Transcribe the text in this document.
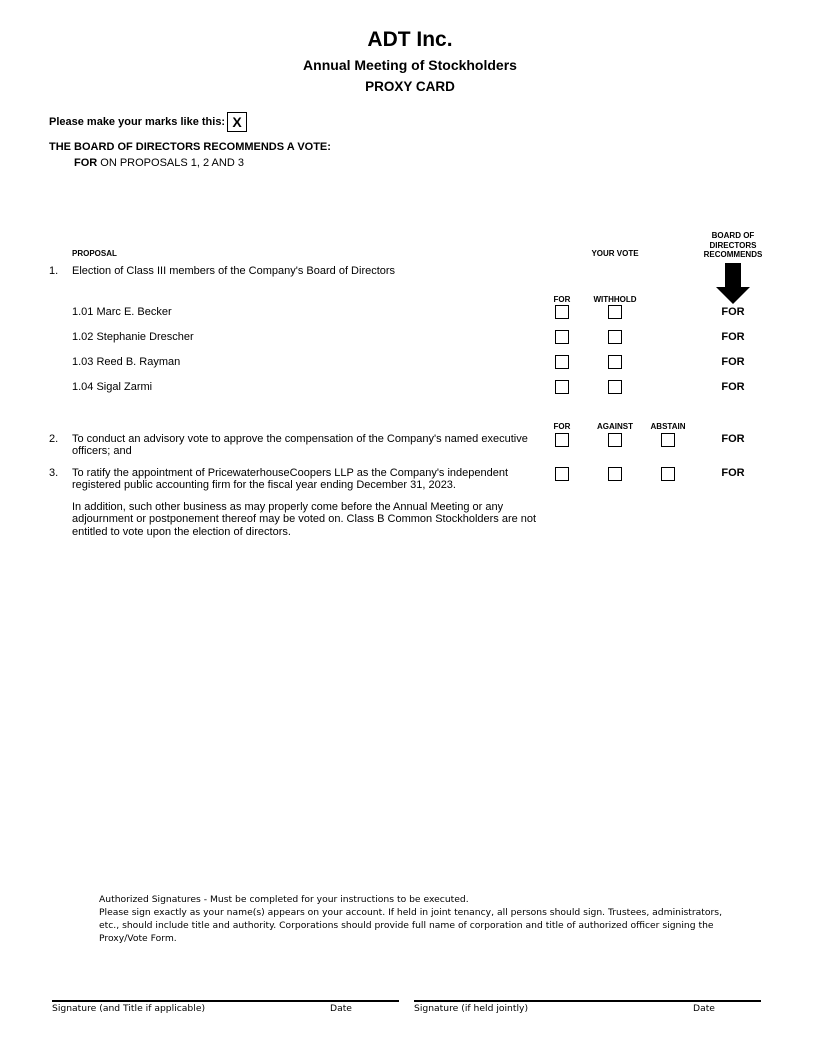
ADT Inc.
Annual Meeting of Stockholders
PROXY CARD
Please make your marks like this: X
THE BOARD OF DIRECTORS RECOMMENDS A VOTE:
FOR ON PROPOSALS 1, 2 AND 3
PROPOSAL	YOUR VOTE
BOARD OF
DIRECTORS
RECOMMENDS
1. Election of Class III members of the Company's Board of Directors
FOR	WITHHOLD
1.01 Marc E. Becker	FOR
1.02 Stephanie Drescher	FOR
1.03 Reed B. Rayman	FOR
1.04 Sigal Zarmi	FOR
FOR	AGAINST	ABSTAIN
2. To conduct an advisory vote to approve the compensation of the Company's named executive officers; and
FOR
3. To ratify the appointment of PricewaterhouseCoopers LLP as the Company's independent registered public accounting firm for the fiscal year ending December 31, 2023.
FOR
In addition, such other business as may properly come before the Annual Meeting or any adjournment or postponement thereof may be voted on. Class B Common Stockholders are not entitled to vote upon the election of directors.
Authorized Signatures - Must be completed for your instructions to be executed.
Please sign exactly as your name(s) appears on your account. If held in joint tenancy, all persons should sign. Trustees, administrators, etc., should include title and authority. Corporations should provide full name of corporation and title of authorized officer signing the Proxy/Vote Form.
Signature (and Title if applicable)	Date	Signature (if held jointly)	Date
